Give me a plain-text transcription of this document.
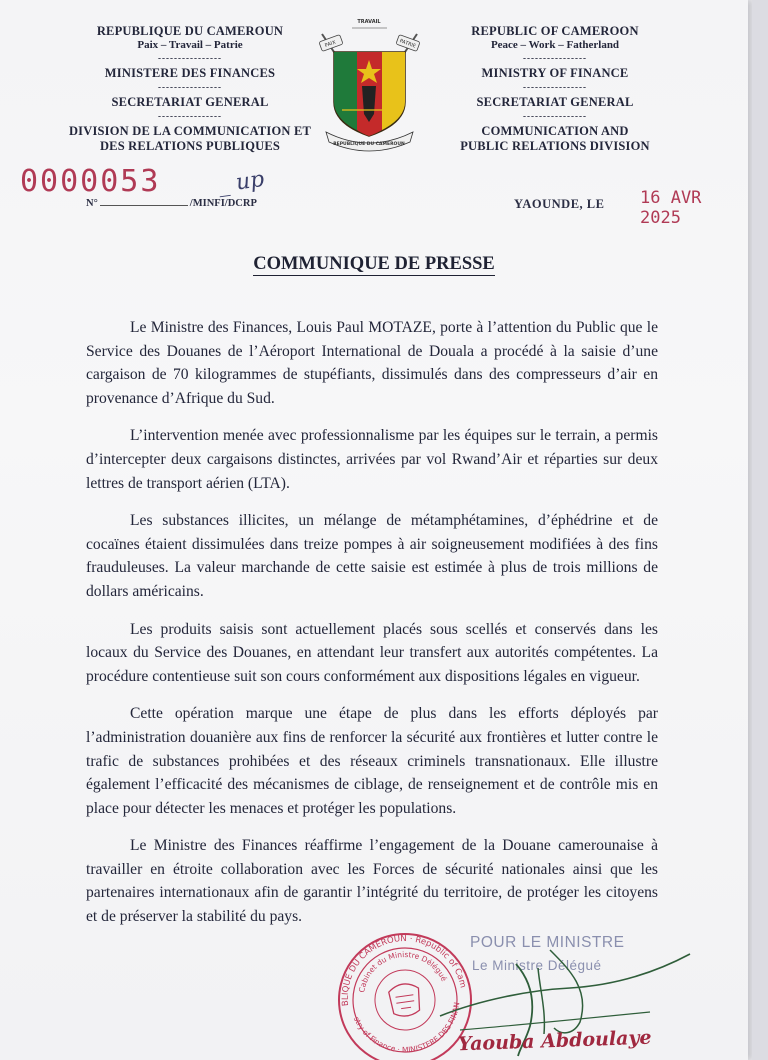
REPUBLIQUE DU CAMEROUN
Paix – Travail – Patrie
----------------
MINISTERE DES FINANCES
----------------
SECRETARIAT GENERAL
----------------
DIVISION DE LA COMMUNICATION ET
DES RELATIONS PUBLIQUES
TRAVAIL
PAIX	PATRIE
REPUBLIQUE DU CAMEROUN
REPUBLIC OF CAMEROON
Peace – Work – Fatherland
----------------
MINISTRY OF FINANCE
----------------
SECRETARIAT GENERAL
----------------
COMMUNICATION AND
PUBLIC RELATIONS DIVISION
0000053	_ up
N°	/MINFI/DCRP	YAOUNDE, LE 16 AVR 2025
COMMUNIQUE DE PRESSE

Le Ministre des Finances, Louis Paul MOTAZE, porte à l’attention du Public que le Service des Douanes de l’Aéroport International de Douala a procédé à la saisie d’une cargaison de 70 kilogrammes de stupéfiants, dissimulés dans des compresseurs d’air en provenance d’Afrique du Sud.

L’intervention menée avec professionnalisme par les équipes sur le terrain, a permis d’intercepter deux cargaisons distinctes, arrivées par vol Rwand’Air et réparties sur deux lettres de transport aérien (LTA).

Les substances illicites, un mélange de métamphétamines, d’éphédrine et de cocaïnes étaient dissimulées dans treize pompes à air soigneusement modifiées à des fins frauduleuses. La valeur marchande de cette saisie est estimée à plus de trois millions de dollars américains.

Les produits saisis sont actuellement placés sous scellés et conservés dans les locaux du Service des Douanes, en attendant leur transfert aux autorités compétentes. La procédure contentieuse suit son cours conformément aux dispositions légales en vigueur.

Cette opération marque une étape de plus dans les efforts déployés par l’administration douanière aux fins de renforcer la sécurité aux frontières et lutter contre le trafic de substances prohibées et des réseaux criminels transnationaux. Elle illustre également l’efficacité des mécanismes de ciblage, de renseignement et de contrôle mis en place pour détecter les menaces et protéger les populations.

Le Ministre des Finances réaffirme l’engagement de la Douane camerounaise à travailler en étroite collaboration avec les Forces de sécurité nationales ainsi que les partenaires internationaux afin de garantir l’intégrité du territoire, de protéger les citoyens et de préserver la stabilité du pays.

REPUBLIQUE DU CAMEROUN · Republic of Cameroon
Cabinet du Ministre Délégué
Ministry of Finance · MINISTERE DES FINANCES
POUR LE MINISTRE
Le Ministre Délégué
Yaouba Abdoulaye
